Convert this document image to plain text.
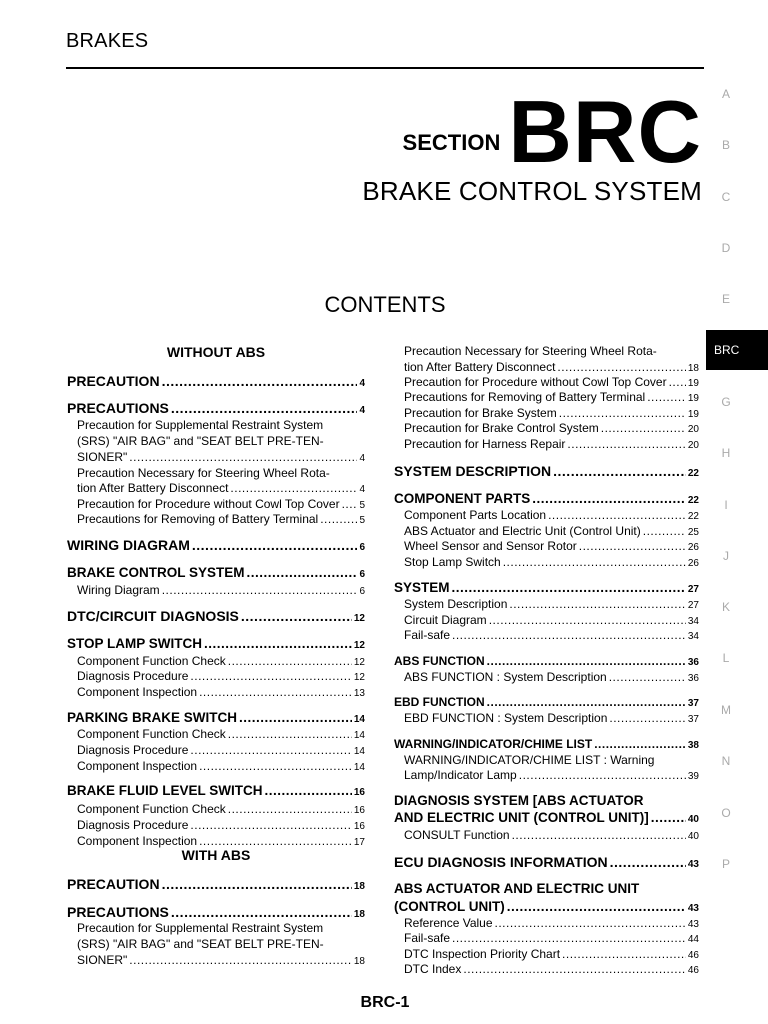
BRAKES
SECTION BRC
BRAKE CONTROL SYSTEM
CONTENTS
WITHOUT ABS
PRECAUTION .....	4
PRECAUTIONS .....	4
Precaution for Supplemental Restraint System
(SRS) "AIR BAG" and "SEAT BELT PRE-TEN-
SIONER" .....	4
Precaution Necessary for Steering Wheel Rota-
tion After Battery Disconnect .....	4
Precaution for Procedure without Cowl Top Cover ..... 5
Precautions for Removing of Battery Terminal .....	5
WIRING DIAGRAM .....	6
BRAKE CONTROL SYSTEM .....	6
Wiring Diagram .....	6
DTC/CIRCUIT DIAGNOSIS .....	12
STOP LAMP SWITCH .....	12
Component Function Check .....	12
Diagnosis Procedure .....	12
Component Inspection .....	13
PARKING BRAKE SWITCH .....	14
Component Function Check .....	14
Diagnosis Procedure .....	14
Component Inspection .....	14
BRAKE FLUID LEVEL SWITCH .....	16
Component Function Check .....	16
Diagnosis Procedure .....	16
Component Inspection .....	17
WITH ABS
PRECAUTION .....	18
PRECAUTIONS .....	18
Precaution for Supplemental Restraint System
(SRS) "AIR BAG" and "SEAT BELT PRE-TEN-
SIONER" .....	18
Precaution Necessary for Steering Wheel Rota-
tion After Battery Disconnect .....	18
Precaution for Procedure without Cowl Top Cover ..... 19
Precautions for Removing of Battery Terminal .....	19
Precaution for Brake System .....	19
Precaution for Brake Control System .....	20
Precaution for Harness Repair .....	20
SYSTEM DESCRIPTION .....	22
COMPONENT PARTS .....	22
Component Parts Location .....	22
ABS Actuator and Electric Unit (Control Unit) .....	25
Wheel Sensor and Sensor Rotor .....	26
Stop Lamp Switch .....	26
SYSTEM .....	27
System Description .....	27
Circuit Diagram .....	34
Fail-safe .....	34
ABS FUNCTION .....	36
ABS FUNCTION : System Description .....	36
EBD FUNCTION .....	37
EBD FUNCTION : System Description .....	37
WARNING/INDICATOR/CHIME LIST .....	38
WARNING/INDICATOR/CHIME LIST : Warning
Lamp/Indicator Lamp .....	39
DIAGNOSIS SYSTEM [ABS ACTUATOR
AND ELECTRIC UNIT (CONTROL UNIT)] .....	40
CONSULT Function .....	40
ECU DIAGNOSIS INFORMATION .....	43
ABS ACTUATOR AND ELECTRIC UNIT
(CONTROL UNIT) .....	43
Reference Value .....	43
Fail-safe .....	44
DTC Inspection Priority Chart .....	46
DTC Index .....	46
A
B
C
D
E
BRC
G
H
I
J
K
L
M
N
O
P
BRC-1
